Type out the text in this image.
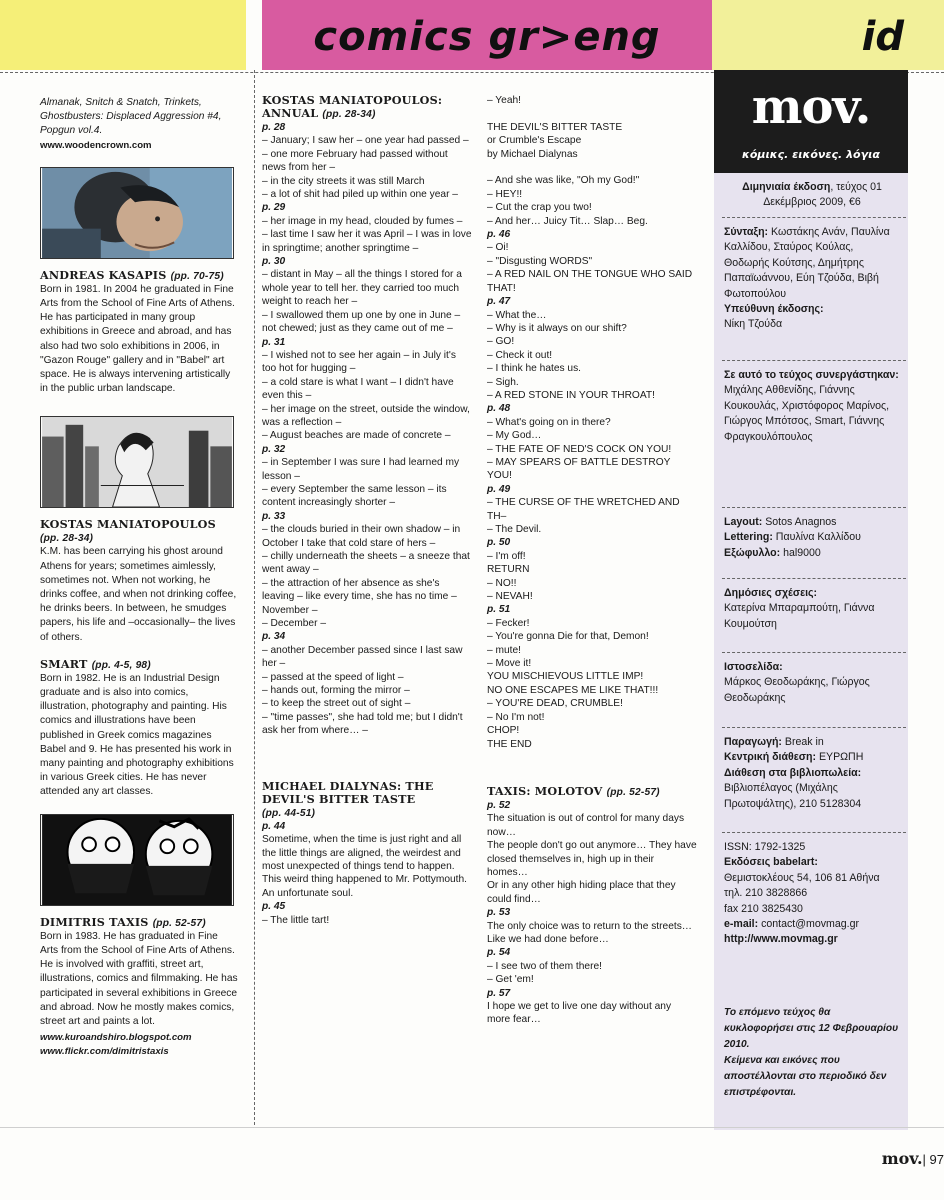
comics gr>eng	id

Almanak, Snitch & Snatch, Trinkets, Ghostbusters: Displaced Aggression #4, Popgun vol.4.

www.woodencrown.com

ANDREAS KASAPIS (pp. 70-75)

Born in 1981. In 2004 he graduated in Fine Arts from the School of Fine Arts of Athens. He has participated in many group exhibitions in Greece and abroad, and has also had two solo exhibitions in 2006, in "Gazon Rouge" gallery and in "Babel" art space. He is always intervening artistically in the public urban landscape.

KOSTAS MANIATOPOULOS
(pp. 28-34)

K.M. has been carrying his ghost around Athens for years; sometimes aimlessly, sometimes not. When not working, he drinks coffee, and when not drinking coffee, he drinks beers. In between, he smudges papers, his life and –occasionally– the lives of others.

SMART (pp. 4-5, 98)

Born in 1982. He is an Industrial Design graduate and is also into comics, illustration, photography and painting. His comics and illustrations have been published in Greek comics magazines Babel and 9. He has presented his work in many painting and photography exhibitions in various Greek cities. He has never attended any art classes.

DIMITRIS TAXIS (pp. 52-57)

Born in 1983. He has graduated in Fine Arts from the School of Fine Arts of Athens. He is involved with graffiti, street art, illustrations, comics and filmmaking. He has participated in several exhibitions in Greece and abroad. Now he mostly makes comics, street art and paints a lot.

www.kuroandshiro.blogspot.com

www.flickr.com/dimitristaxis

KOSTAS MANIATOPOULOS: ANNUAL (pp. 28-34)

p. 28

– January; I saw her – one year had passed –

– one more February had passed without news from her –

– in the city streets it was still March

– a lot of shit had piled up within one year –

p. 29

– her image in my head, clouded by fumes –

– last time I saw her it was April – I was in love in springtime; another springtime –

p. 30

– distant in May – all the things I stored for a whole year to tell her. they carried too much weight to reach her –

– I swallowed them up one by one in June – not chewed; just as they came out of me –

p. 31

– I wished not to see her again – in July it's too hot for hugging –

– a cold stare is what I want – I didn't have even this –

– her image on the street, outside the window, was a reflection –

– August beaches are made of concrete –

p. 32

– in September I was sure I had learned my lesson –

– every September the same lesson – its content increasingly shorter –

p. 33

– the clouds buried in their own shadow – in October I take that cold stare of hers –

– chilly underneath the sheets – a sneeze that went away –

– the attraction of her absence as she's leaving – like every time, she has no time – November –

– December –

p. 34

– another December passed since I last saw her –

– passed at the speed of light –

– hands out, forming the mirror –

– to keep the street out of sight –

– "time passes", she had told me; but I didn't ask her from where… –

MICHAEL DIALYNAS: THE DEVIL'S BITTER TASTE
(pp. 44-51)

p. 44

Sometime, when the time is just right and all the little things are aligned, the weirdest and most unexpected of things tend to happen.

This weird thing happened to Mr. Pottymouth.

An unfortunate soul.

p. 45

– The little tart!

– Yeah!

THE DEVIL'S BITTER TASTE

or Crumble's Escape

by Michael Dialynas

– And she was like, "Oh my God!"

– HEY!!

– Cut the crap you two!

– And her… Juicy Tit… Slap… Beg.

p. 46

– Oi!

– "Disgusting WORDS"

– A RED NAIL ON THE TONGUE WHO SAID THAT!

p. 47

– What the…

– Why is it always on our shift?

– GO!

– Check it out!

– I think he hates us.

– Sigh.

– A RED STONE IN YOUR THROAT!

p. 48

– What's going on in there?

– My God…

– THE FATE OF NED'S COCK ON YOU!

– MAY SPEARS OF BATTLE DESTROY YOU!

p. 49

– THE CURSE OF THE WRETCHED AND TH–

– The Devil.

p. 50

– I'm off!

RETURN

– NO!!

– NEVAH!

p. 51

– Fecker!

– You're gonna Die for that, Demon!

– mute!

– Move it!

YOU MISCHIEVOUS LITTLE IMP!

NO ONE ESCAPES ME LIKE THAT!!!

– YOU'RE DEAD, CRUMBLE!

– No I'm not!

CHOP!

THE END

TAXIS: MOLOTOV (pp. 52-57)

p. 52

The situation is out of control for many days now…

The people don't go out anymore… They have closed themselves in, high up in their homes…

Or in any other high hiding place that they could find…

p. 53

The only choice was to return to the streets…

Like we had done before…

p. 54

– I see two of them there!

– Get 'em!

p. 57

I hope we get to live one day without any more fear…

mov.
κόμικς. εικόνες. λόγια

Διμηνιαία έκδοση, τεύχος 01

Δεκέμβριος 2009, €6

Σύνταξη: Κωστάκης Ανάν, Παυλίνα Καλλίδου, Σταύρος Κούλας, Θοδωρής Κούτσης, Δημήτρης Παπαϊωάννου, Εύη Τζούδα, Βιβή Φωτοπούλου

Υπεύθυνη έκδοσης:

Νίκη Τζούδα

Σε αυτό το τεύχος συνεργάστηκαν:

Μιχάλης Αθθενίδης, Γιάννης Κουκουλάς, Χριστόφορος Μαρίνος, Γιώργος Μπότσος, Smart, Γιάννης Φραγκουλόπουλος

Layout: Sotos Anagnos

Lettering: Παυλίνα Καλλίδου

Εξώφυλλο: hal9000

Δημόσιες σχέσεις:

Κατερίνα Μπαραμπούτη, Γιάννα Κουμούτση

Ιστοσελίδα:

Μάρκος Θεοδωράκης, Γιώργος Θεοδωράκης

Παραγωγή: Break in

Κεντρική διάθεση: ΕΥΡΩΠΗ

Διάθεση στα βιβλιοπωλεία:

Βιβλιοπέλαγος (Μιχάλης Πρωτοψάλτης), 210 5128304

ISSN: 1792-1325

Εκδόσεις babelart:

Θεμιστοκλέους 54, 106 81 Αθήνα

τηλ. 210 3828866

fax 210 3825430

e-mail: contact@movmag.gr

http://www.movmag.gr

Το επόμενο τεύχος θα κυκλοφορήσει στις 12 Φεβρουαρίου 2010.

Κείμενα και εικόνες που αποστέλλονται στο περιοδικό δεν επιστρέφονται.

mov.| 97
